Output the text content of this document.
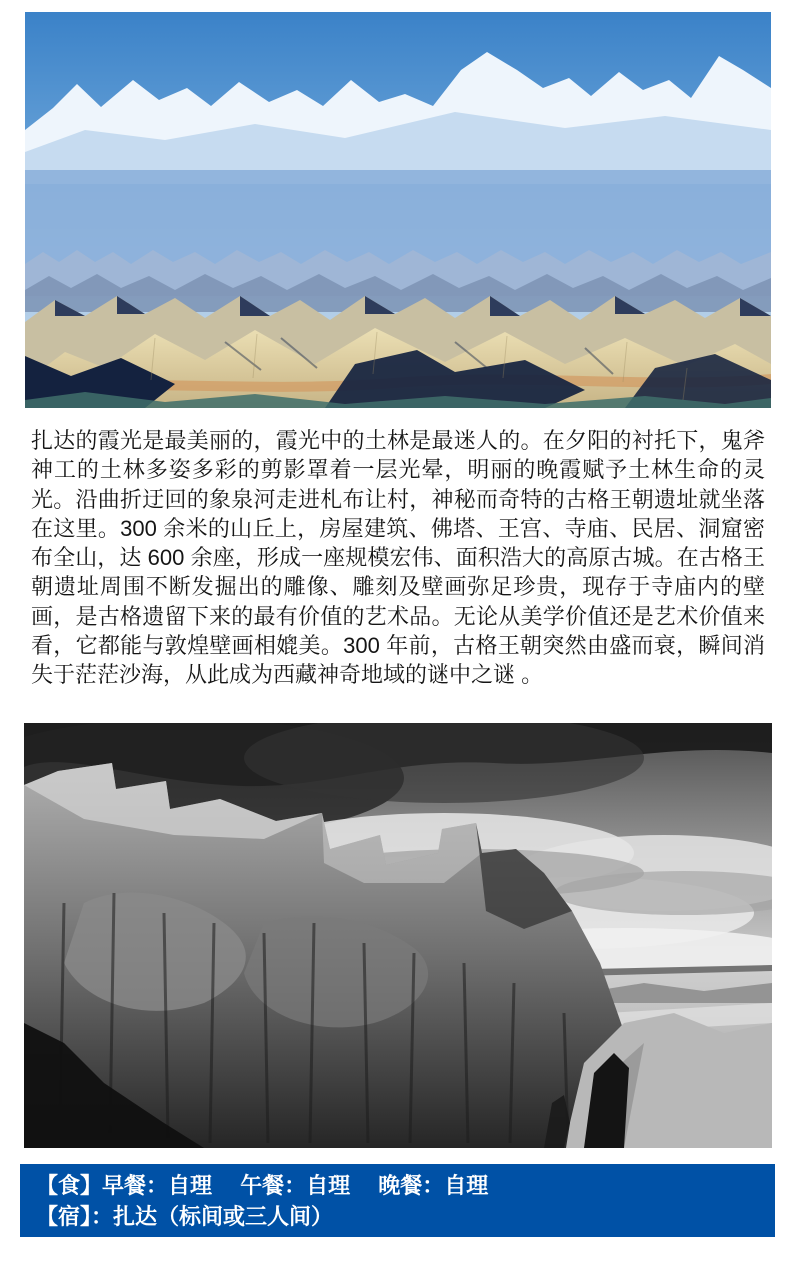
扎达的霞光是最美丽的，霞光中的土林是最迷人的。在夕阳的衬托下，鬼斧神工的土林多姿多彩的剪影罩着一层光晕，明丽的晚霞赋予土林生命的灵光。沿曲折迂回的象泉河走进札布让村，神秘而奇特的古格王朝遗址就坐落在这里。300 余米的山丘上，房屋建筑、佛塔、王宫、寺庙、民居、洞窟密布全山，达 600 余座，形成一座规模宏伟、面积浩大的高原古城。在古格王朝遗址周围不断发掘出的雕像、雕刻及壁画弥足珍贵，现存于寺庙内的壁画，是古格遗留下来的最有价值的艺术品。无论从美学价值还是艺术价值来看，它都能与敦煌壁画相媲美。300 年前，古格王朝突然由盛而衰，瞬间消失于茫茫沙海，从此成为西藏神奇地域的谜中之谜 。

【食】早餐：自理　 午餐：自理　 晚餐：自理
【宿】：扎达（标间或三人间）
